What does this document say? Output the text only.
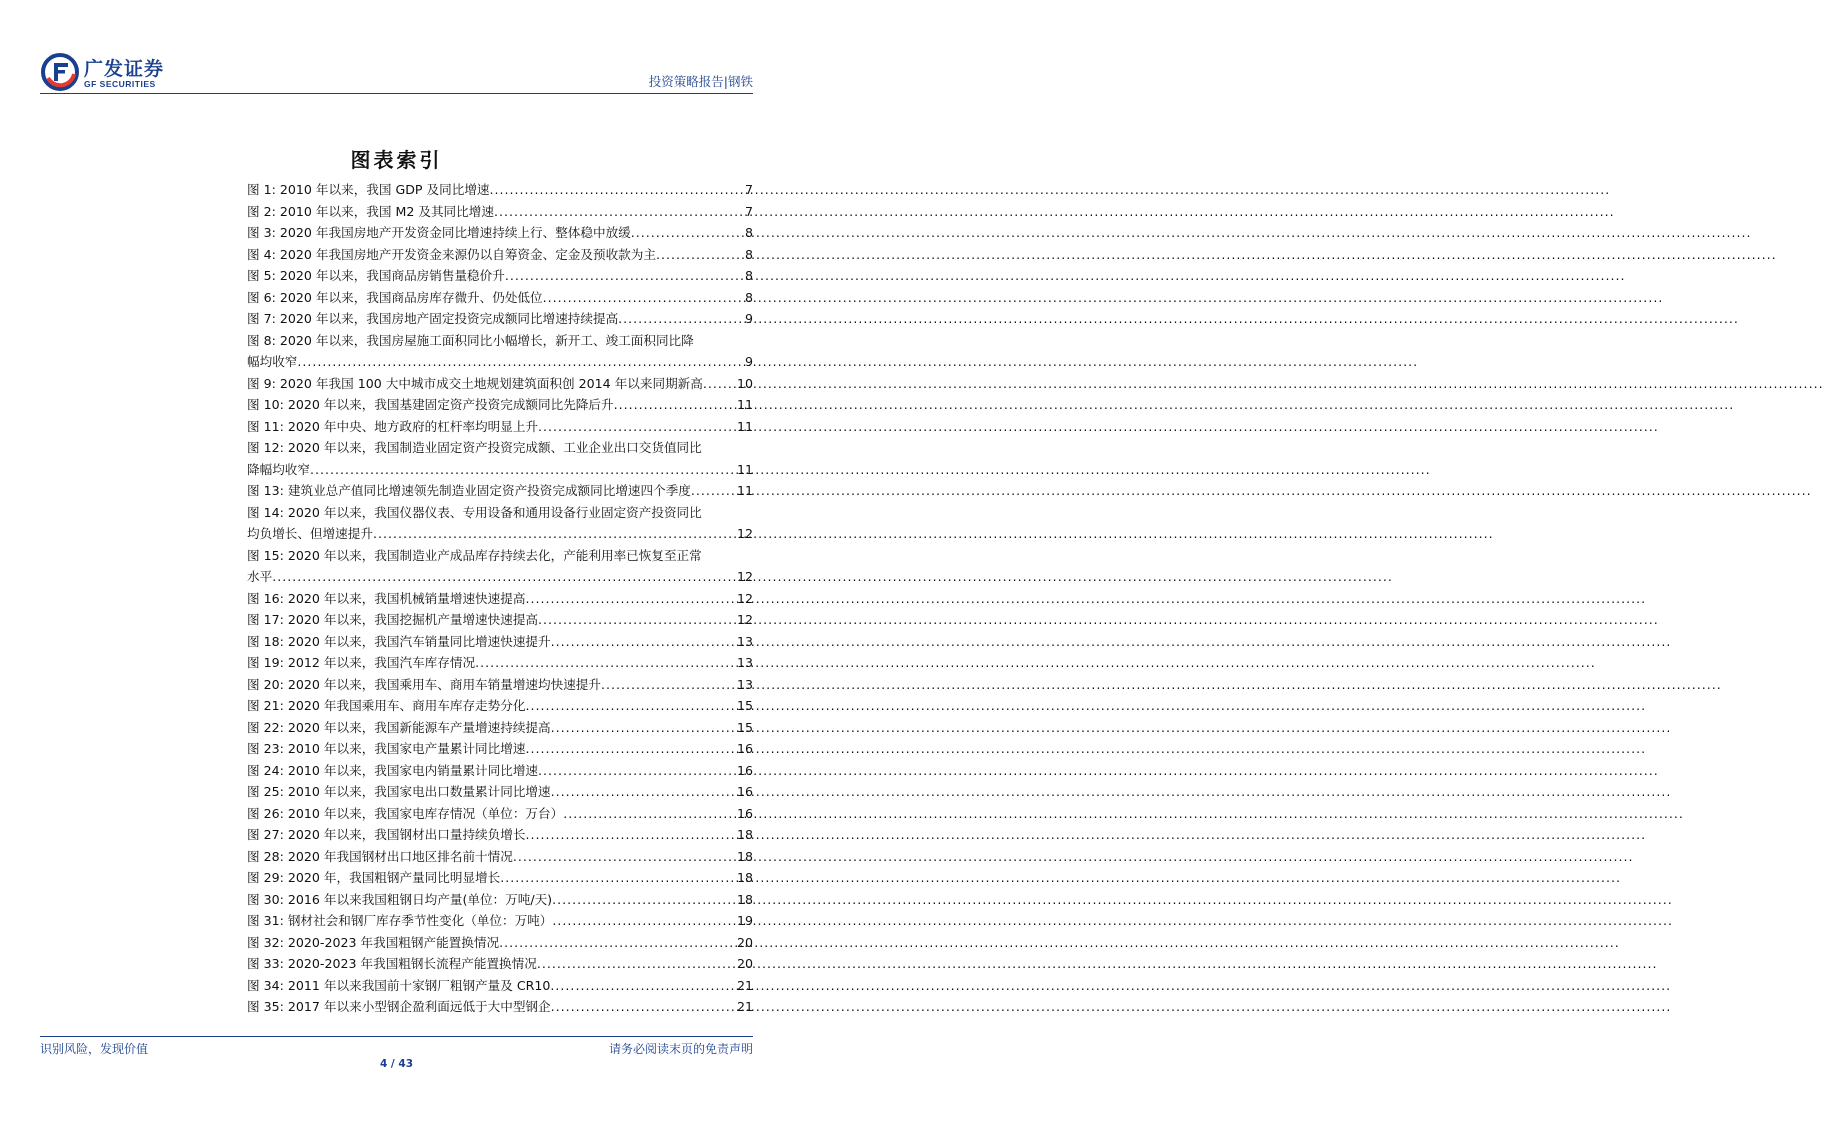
广发证券
GF SECURITIES	投资策略报告|钢铁
图表索引
图 1: 2010 年以来，我国 GDP 及同比增速 .....	7
图 2: 2010 年以来，我国 M2 及其同比增速 .....	7
图 3: 2020 年我国房地产开发资金同比增速持续上行、整体稳中放缓 .....	8
图 4: 2020 年我国房地产开发资金来源仍以自筹资金、定金及预收款为主 .....	8
图 5: 2020 年以来，我国商品房销售量稳价升 .....	8
图 6: 2020 年以来，我国商品房库存微升、仍处低位 .....	8
图 7: 2020 年以来，我国房地产固定投资完成额同比增速持续提高 .....	9
图 8: 2020 年以来，我国房屋施工面积同比小幅增长，新开工、竣工面积同比降
幅均收窄 .....	9
图 9: 2020 年我国 100 大中城市成交土地规划建筑面积创 2014 年以来同期新高 .....	10
图 10: 2020 年以来，我国基建固定资产投资完成额同比先降后升 .....	11
图 11: 2020 年中央、地方政府的杠杆率均明显上升 .....	11
图 12: 2020 年以来，我国制造业固定资产投资完成额、工业企业出口交货值同比
降幅均收窄 .....	11
图 13: 建筑业总产值同比增速领先制造业固定资产投资完成额同比增速四个季度 .....	11
图 14: 2020 年以来，我国仪器仪表、专用设备和通用设备行业固定资产投资同比
均负增长、但增速提升 .....	12
图 15: 2020 年以来，我国制造业产成品库存持续去化，产能利用率已恢复至正常
水平 .....	12
图 16: 2020 年以来，我国机械销量增速快速提高 .....	12
图 17: 2020 年以来，我国挖掘机产量增速快速提高 .....	12
图 18: 2020 年以来，我国汽车销量同比增速快速提升 .....	13
图 19: 2012 年以来，我国汽车库存情况 .....	13
图 20: 2020 年以来，我国乘用车、商用车销量增速均快速提升 .....	13
图 21: 2020 年我国乘用车、商用车库存走势分化 .....	15
图 22: 2020 年以来，我国新能源车产量增速持续提高 .....	15
图 23: 2010 年以来，我国家电产量累计同比增速 .....	16
图 24: 2010 年以来，我国家电内销量累计同比增速 .....	16
图 25: 2010 年以来，我国家电出口数量累计同比增速 .....	16
图 26: 2010 年以来，我国家电库存情况（单位：万台） .....	16
图 27: 2020 年以来，我国钢材出口量持续负增长 .....	18
图 28: 2020 年我国钢材出口地区排名前十情况 .....	18
图 29: 2020 年，我国粗钢产量同比明显增长 .....	18
图 30: 2016 年以来我国粗钢日均产量(单位：万吨/天) .....	18
图 31: 钢材社会和钢厂库存季节性变化（单位：万吨） .....	19
图 32: 2020-2023 年我国粗钢产能置换情况 .....	20
图 33: 2020-2023 年我国粗钢长流程产能置换情况 .....	20
图 34: 2011 年以来我国前十家钢厂粗钢产量及 CR10 .....	21
图 35: 2017 年以来小型钢企盈利面远低于大中型钢企 .....	21
识别风险，发现价值	请务必阅读末页的免责声明
4 / 43
